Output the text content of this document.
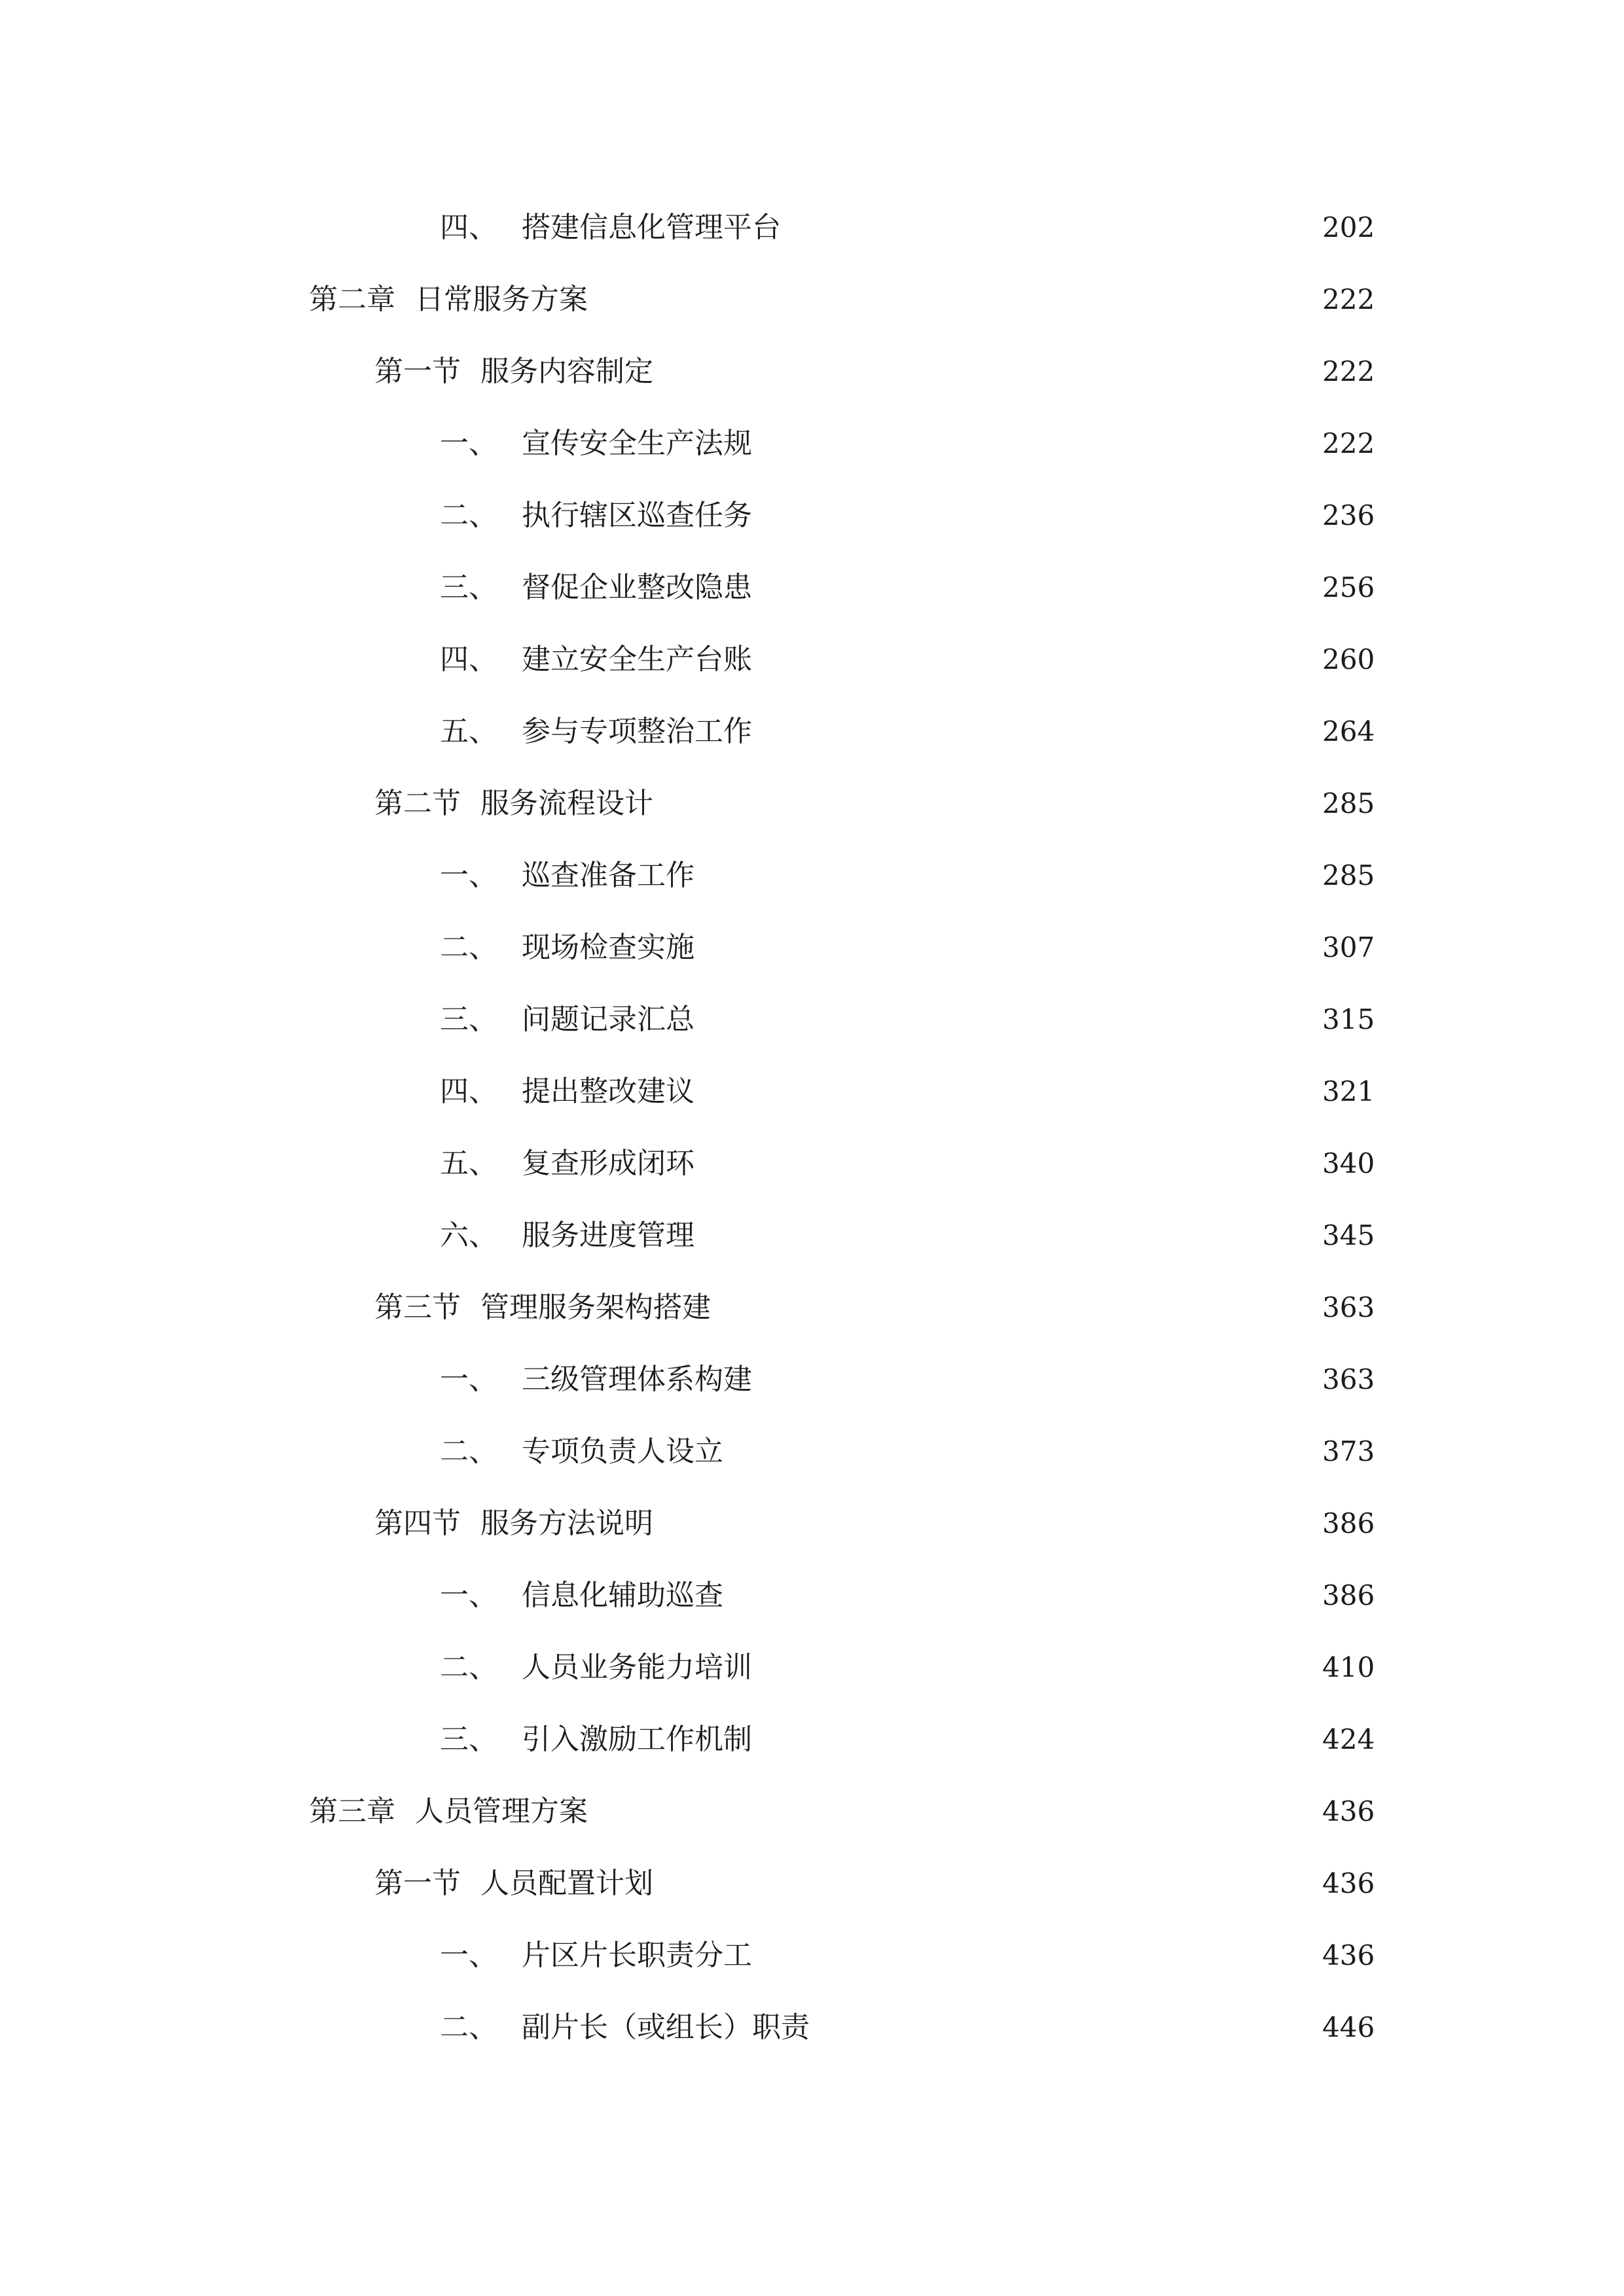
四、 搭建信息化管理平台	202
第二章 日常服务方案	222
第一节 服务内容制定	222
一、 宣传安全生产法规	222
二、 执行辖区巡查任务	236
三、 督促企业整改隐患	256
四、 建立安全生产台账	260
五、 参与专项整治工作	264
第二节 服务流程设计	285
一、 巡查准备工作	285
二、 现场检查实施	307
三、 问题记录汇总	315
四、 提出整改建议	321
五、 复查形成闭环	340
六、 服务进度管理	345
第三节 管理服务架构搭建	363
一、 三级管理体系构建	363
二、 专项负责人设立	373
第四节 服务方法说明	386
一、 信息化辅助巡查	386
二、 人员业务能力培训	410
三、 引入激励工作机制	424
第三章 人员管理方案	436
第一节 人员配置计划	436
一、 片区片长职责分工	436
二、 副片长（或组长）职责	446
